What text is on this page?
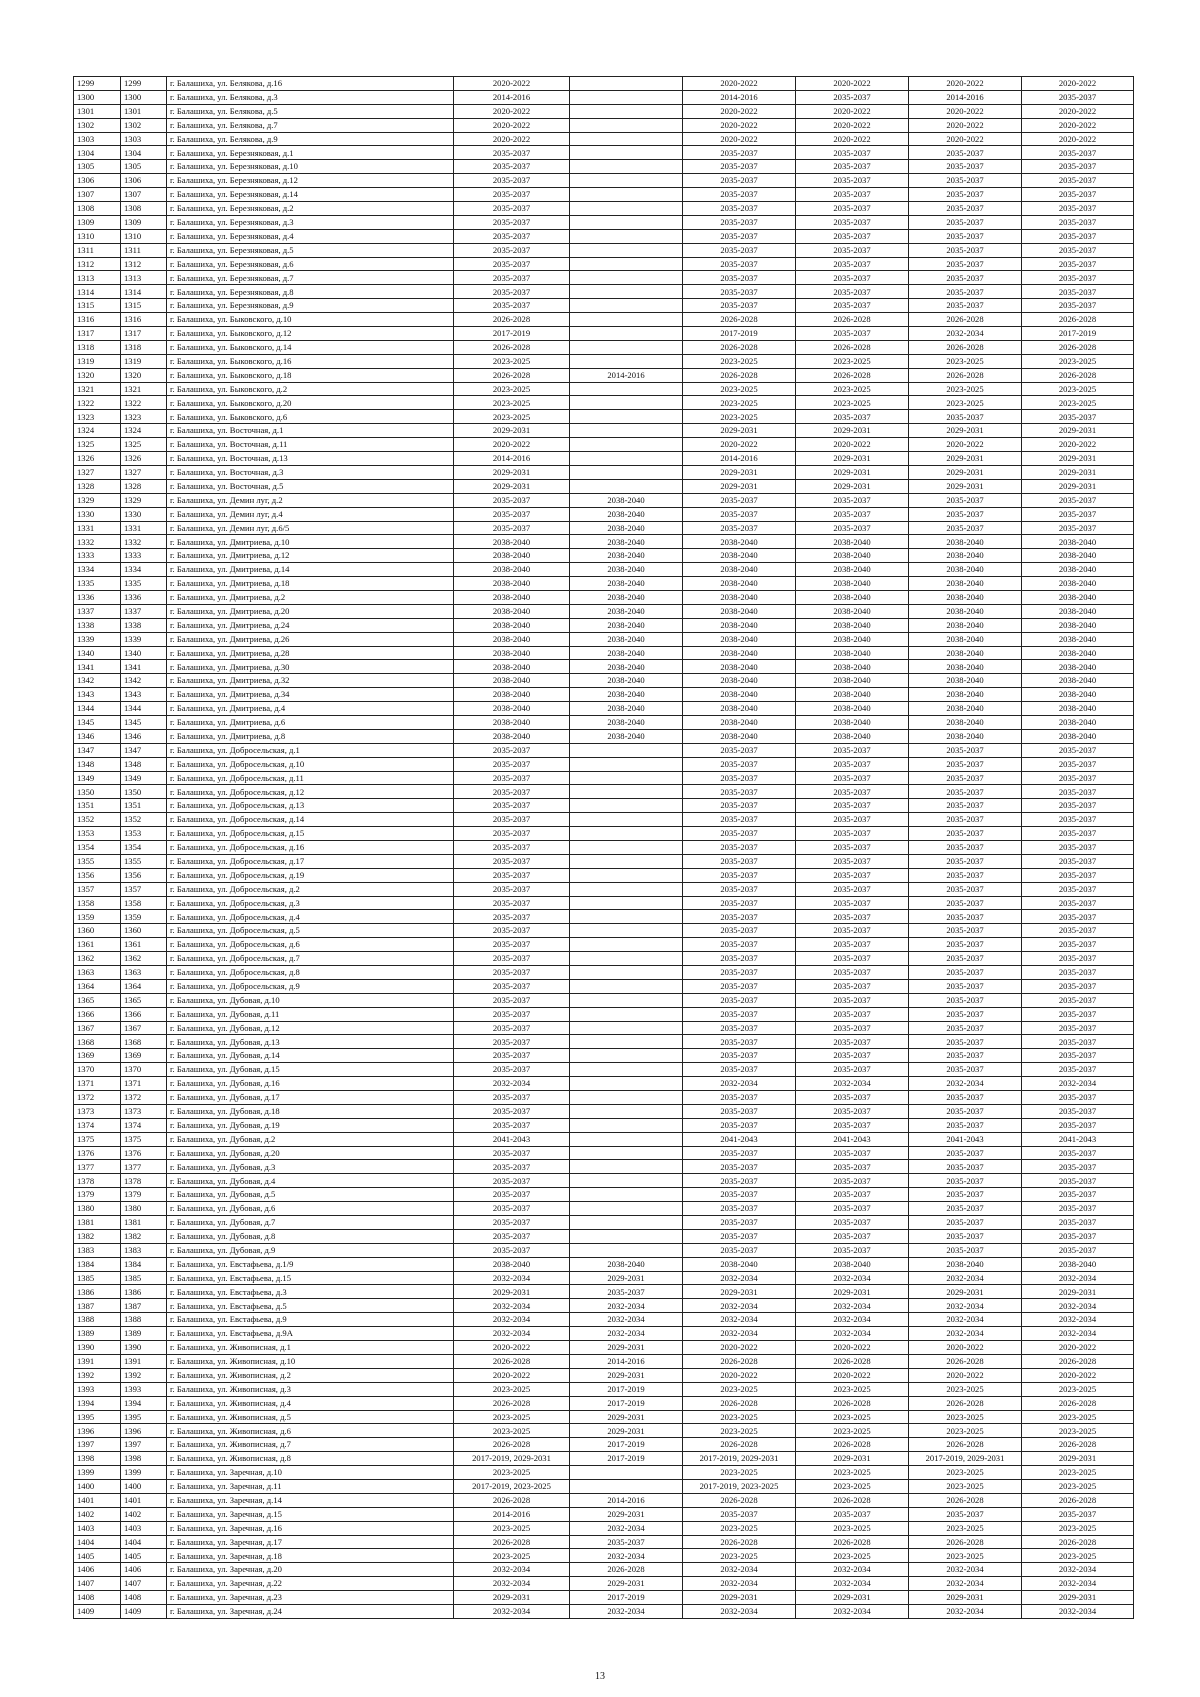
1299	1299	г. Балашиха, ул. Белякова, д.16	2020-2022		2020-2022	2020-2022	2020-2022	2020-2022
1300	1300	г. Балашиха, ул. Белякова, д.3	2014-2016		2014-2016	2035-2037	2014-2016	2035-2037
1301	1301	г. Балашиха, ул. Белякова, д.5	2020-2022		2020-2022	2020-2022	2020-2022	2020-2022
1302	1302	г. Балашиха, ул. Белякова, д.7	2020-2022		2020-2022	2020-2022	2020-2022	2020-2022
1303	1303	г. Балашиха, ул. Белякова, д.9	2020-2022		2020-2022	2020-2022	2020-2022	2020-2022
1304	1304	г. Балашиха, ул. Березняковая, д.1	2035-2037		2035-2037	2035-2037	2035-2037	2035-2037
1305	1305	г. Балашиха, ул. Березняковая, д.10	2035-2037		2035-2037	2035-2037	2035-2037	2035-2037
1306	1306	г. Балашиха, ул. Березняковая, д.12	2035-2037		2035-2037	2035-2037	2035-2037	2035-2037
1307	1307	г. Балашиха, ул. Березняковая, д.14	2035-2037		2035-2037	2035-2037	2035-2037	2035-2037
1308	1308	г. Балашиха, ул. Березняковая, д.2	2035-2037		2035-2037	2035-2037	2035-2037	2035-2037
1309	1309	г. Балашиха, ул. Березняковая, д.3	2035-2037		2035-2037	2035-2037	2035-2037	2035-2037
1310	1310	г. Балашиха, ул. Березняковая, д.4	2035-2037		2035-2037	2035-2037	2035-2037	2035-2037
1311	1311	г. Балашиха, ул. Березняковая, д.5	2035-2037		2035-2037	2035-2037	2035-2037	2035-2037
1312	1312	г. Балашиха, ул. Березняковая, д.6	2035-2037		2035-2037	2035-2037	2035-2037	2035-2037
1313	1313	г. Балашиха, ул. Березняковая, д.7	2035-2037		2035-2037	2035-2037	2035-2037	2035-2037
1314	1314	г. Балашиха, ул. Березняковая, д.8	2035-2037		2035-2037	2035-2037	2035-2037	2035-2037
1315	1315	г. Балашиха, ул. Березняковая, д.9	2035-2037		2035-2037	2035-2037	2035-2037	2035-2037
1316	1316	г. Балашиха, ул. Быковского, д.10	2026-2028		2026-2028	2026-2028	2026-2028	2026-2028
1317	1317	г. Балашиха, ул. Быковского, д.12	2017-2019		2017-2019	2035-2037	2032-2034	2017-2019
1318	1318	г. Балашиха, ул. Быковского, д.14	2026-2028		2026-2028	2026-2028	2026-2028	2026-2028
1319	1319	г. Балашиха, ул. Быковского, д.16	2023-2025		2023-2025	2023-2025	2023-2025	2023-2025
1320	1320	г. Балашиха, ул. Быковского, д.18	2026-2028	2014-2016	2026-2028	2026-2028	2026-2028	2026-2028
1321	1321	г. Балашиха, ул. Быковского, д.2	2023-2025		2023-2025	2023-2025	2023-2025	2023-2025
1322	1322	г. Балашиха, ул. Быковского, д.20	2023-2025		2023-2025	2023-2025	2023-2025	2023-2025
1323	1323	г. Балашиха, ул. Быковского, д.6	2023-2025		2023-2025	2035-2037	2035-2037	2035-2037
1324	1324	г. Балашиха, ул. Восточная, д.1	2029-2031		2029-2031	2029-2031	2029-2031	2029-2031
1325	1325	г. Балашиха, ул. Восточная, д.11	2020-2022		2020-2022	2020-2022	2020-2022	2020-2022
1326	1326	г. Балашиха, ул. Восточная, д.13	2014-2016		2014-2016	2029-2031	2029-2031	2029-2031
1327	1327	г. Балашиха, ул. Восточная, д.3	2029-2031		2029-2031	2029-2031	2029-2031	2029-2031
1328	1328	г. Балашиха, ул. Восточная, д.5	2029-2031		2029-2031	2029-2031	2029-2031	2029-2031
1329	1329	г. Балашиха, ул. Демин луг, д.2	2035-2037	2038-2040	2035-2037	2035-2037	2035-2037	2035-2037
1330	1330	г. Балашиха, ул. Демин луг, д.4	2035-2037	2038-2040	2035-2037	2035-2037	2035-2037	2035-2037
1331	1331	г. Балашиха, ул. Демин луг, д.6/5	2035-2037	2038-2040	2035-2037	2035-2037	2035-2037	2035-2037
1332	1332	г. Балашиха, ул. Дмитриева, д.10	2038-2040	2038-2040	2038-2040	2038-2040	2038-2040	2038-2040
1333	1333	г. Балашиха, ул. Дмитриева, д.12	2038-2040	2038-2040	2038-2040	2038-2040	2038-2040	2038-2040
1334	1334	г. Балашиха, ул. Дмитриева, д.14	2038-2040	2038-2040	2038-2040	2038-2040	2038-2040	2038-2040
1335	1335	г. Балашиха, ул. Дмитриева, д.18	2038-2040	2038-2040	2038-2040	2038-2040	2038-2040	2038-2040
1336	1336	г. Балашиха, ул. Дмитриева, д.2	2038-2040	2038-2040	2038-2040	2038-2040	2038-2040	2038-2040
1337	1337	г. Балашиха, ул. Дмитриева, д.20	2038-2040	2038-2040	2038-2040	2038-2040	2038-2040	2038-2040
1338	1338	г. Балашиха, ул. Дмитриева, д.24	2038-2040	2038-2040	2038-2040	2038-2040	2038-2040	2038-2040
1339	1339	г. Балашиха, ул. Дмитриева, д.26	2038-2040	2038-2040	2038-2040	2038-2040	2038-2040	2038-2040
1340	1340	г. Балашиха, ул. Дмитриева, д.28	2038-2040	2038-2040	2038-2040	2038-2040	2038-2040	2038-2040
1341	1341	г. Балашиха, ул. Дмитриева, д.30	2038-2040	2038-2040	2038-2040	2038-2040	2038-2040	2038-2040
1342	1342	г. Балашиха, ул. Дмитриева, д.32	2038-2040	2038-2040	2038-2040	2038-2040	2038-2040	2038-2040
1343	1343	г. Балашиха, ул. Дмитриева, д.34	2038-2040	2038-2040	2038-2040	2038-2040	2038-2040	2038-2040
1344	1344	г. Балашиха, ул. Дмитриева, д.4	2038-2040	2038-2040	2038-2040	2038-2040	2038-2040	2038-2040
1345	1345	г. Балашиха, ул. Дмитриева, д.6	2038-2040	2038-2040	2038-2040	2038-2040	2038-2040	2038-2040
1346	1346	г. Балашиха, ул. Дмитриева, д.8	2038-2040	2038-2040	2038-2040	2038-2040	2038-2040	2038-2040
1347	1347	г. Балашиха, ул. Добросельская, д.1	2035-2037		2035-2037	2035-2037	2035-2037	2035-2037
1348	1348	г. Балашиха, ул. Добросельская, д.10	2035-2037		2035-2037	2035-2037	2035-2037	2035-2037
1349	1349	г. Балашиха, ул. Добросельская, д.11	2035-2037		2035-2037	2035-2037	2035-2037	2035-2037
1350	1350	г. Балашиха, ул. Добросельская, д.12	2035-2037		2035-2037	2035-2037	2035-2037	2035-2037
1351	1351	г. Балашиха, ул. Добросельская, д.13	2035-2037		2035-2037	2035-2037	2035-2037	2035-2037
1352	1352	г. Балашиха, ул. Добросельская, д.14	2035-2037		2035-2037	2035-2037	2035-2037	2035-2037
1353	1353	г. Балашиха, ул. Добросельская, д.15	2035-2037		2035-2037	2035-2037	2035-2037	2035-2037
1354	1354	г. Балашиха, ул. Добросельская, д.16	2035-2037		2035-2037	2035-2037	2035-2037	2035-2037
1355	1355	г. Балашиха, ул. Добросельская, д.17	2035-2037		2035-2037	2035-2037	2035-2037	2035-2037
1356	1356	г. Балашиха, ул. Добросельская, д.19	2035-2037		2035-2037	2035-2037	2035-2037	2035-2037
1357	1357	г. Балашиха, ул. Добросельская, д.2	2035-2037		2035-2037	2035-2037	2035-2037	2035-2037
1358	1358	г. Балашиха, ул. Добросельская, д.3	2035-2037		2035-2037	2035-2037	2035-2037	2035-2037
1359	1359	г. Балашиха, ул. Добросельская, д.4	2035-2037		2035-2037	2035-2037	2035-2037	2035-2037
1360	1360	г. Балашиха, ул. Добросельская, д.5	2035-2037		2035-2037	2035-2037	2035-2037	2035-2037
1361	1361	г. Балашиха, ул. Добросельская, д.6	2035-2037		2035-2037	2035-2037	2035-2037	2035-2037
1362	1362	г. Балашиха, ул. Добросельская, д.7	2035-2037		2035-2037	2035-2037	2035-2037	2035-2037
1363	1363	г. Балашиха, ул. Добросельская, д.8	2035-2037		2035-2037	2035-2037	2035-2037	2035-2037
1364	1364	г. Балашиха, ул. Добросельская, д.9	2035-2037		2035-2037	2035-2037	2035-2037	2035-2037
1365	1365	г. Балашиха, ул. Дубовая, д.10	2035-2037		2035-2037	2035-2037	2035-2037	2035-2037
1366	1366	г. Балашиха, ул. Дубовая, д.11	2035-2037		2035-2037	2035-2037	2035-2037	2035-2037
1367	1367	г. Балашиха, ул. Дубовая, д.12	2035-2037		2035-2037	2035-2037	2035-2037	2035-2037
1368	1368	г. Балашиха, ул. Дубовая, д.13	2035-2037		2035-2037	2035-2037	2035-2037	2035-2037
1369	1369	г. Балашиха, ул. Дубовая, д.14	2035-2037		2035-2037	2035-2037	2035-2037	2035-2037
1370	1370	г. Балашиха, ул. Дубовая, д.15	2035-2037		2035-2037	2035-2037	2035-2037	2035-2037
1371	1371	г. Балашиха, ул. Дубовая, д.16	2032-2034		2032-2034	2032-2034	2032-2034	2032-2034
1372	1372	г. Балашиха, ул. Дубовая, д.17	2035-2037		2035-2037	2035-2037	2035-2037	2035-2037
1373	1373	г. Балашиха, ул. Дубовая, д.18	2035-2037		2035-2037	2035-2037	2035-2037	2035-2037
1374	1374	г. Балашиха, ул. Дубовая, д.19	2035-2037		2035-2037	2035-2037	2035-2037	2035-2037
1375	1375	г. Балашиха, ул. Дубовая, д.2	2041-2043		2041-2043	2041-2043	2041-2043	2041-2043
1376	1376	г. Балашиха, ул. Дубовая, д.20	2035-2037		2035-2037	2035-2037	2035-2037	2035-2037
1377	1377	г. Балашиха, ул. Дубовая, д.3	2035-2037		2035-2037	2035-2037	2035-2037	2035-2037
1378	1378	г. Балашиха, ул. Дубовая, д.4	2035-2037		2035-2037	2035-2037	2035-2037	2035-2037
1379	1379	г. Балашиха, ул. Дубовая, д.5	2035-2037		2035-2037	2035-2037	2035-2037	2035-2037
1380	1380	г. Балашиха, ул. Дубовая, д.6	2035-2037		2035-2037	2035-2037	2035-2037	2035-2037
1381	1381	г. Балашиха, ул. Дубовая, д.7	2035-2037		2035-2037	2035-2037	2035-2037	2035-2037
1382	1382	г. Балашиха, ул. Дубовая, д.8	2035-2037		2035-2037	2035-2037	2035-2037	2035-2037
1383	1383	г. Балашиха, ул. Дубовая, д.9	2035-2037		2035-2037	2035-2037	2035-2037	2035-2037
1384	1384	г. Балашиха, ул. Евстафьева, д.1/9	2038-2040	2038-2040	2038-2040	2038-2040	2038-2040	2038-2040
1385	1385	г. Балашиха, ул. Евстафьева, д.15	2032-2034	2029-2031	2032-2034	2032-2034	2032-2034	2032-2034
1386	1386	г. Балашиха, ул. Евстафьева, д.3	2029-2031	2035-2037	2029-2031	2029-2031	2029-2031	2029-2031
1387	1387	г. Балашиха, ул. Евстафьева, д.5	2032-2034	2032-2034	2032-2034	2032-2034	2032-2034	2032-2034
1388	1388	г. Балашиха, ул. Евстафьева, д.9	2032-2034	2032-2034	2032-2034	2032-2034	2032-2034	2032-2034
1389	1389	г. Балашиха, ул. Евстафьева, д.9А	2032-2034	2032-2034	2032-2034	2032-2034	2032-2034	2032-2034
1390	1390	г. Балашиха, ул. Живописная, д.1	2020-2022	2029-2031	2020-2022	2020-2022	2020-2022	2020-2022
1391	1391	г. Балашиха, ул. Живописная, д.10	2026-2028	2014-2016	2026-2028	2026-2028	2026-2028	2026-2028
1392	1392	г. Балашиха, ул. Живописная, д.2	2020-2022	2029-2031	2020-2022	2020-2022	2020-2022	2020-2022
1393	1393	г. Балашиха, ул. Живописная, д.3	2023-2025	2017-2019	2023-2025	2023-2025	2023-2025	2023-2025
1394	1394	г. Балашиха, ул. Живописная, д.4	2026-2028	2017-2019	2026-2028	2026-2028	2026-2028	2026-2028
1395	1395	г. Балашиха, ул. Живописная, д.5	2023-2025	2029-2031	2023-2025	2023-2025	2023-2025	2023-2025
1396	1396	г. Балашиха, ул. Живописная, д.6	2023-2025	2029-2031	2023-2025	2023-2025	2023-2025	2023-2025
1397	1397	г. Балашиха, ул. Живописная, д.7	2026-2028	2017-2019	2026-2028	2026-2028	2026-2028	2026-2028
1398	1398	г. Балашиха, ул. Живописная, д.8	2017-2019, 2029-2031	2017-2019	2017-2019, 2029-2031	2029-2031	2017-2019, 2029-2031	2029-2031
1399	1399	г. Балашиха, ул. Заречная, д.10	2023-2025		2023-2025	2023-2025	2023-2025	2023-2025
1400	1400	г. Балашиха, ул. Заречная, д.11	2017-2019, 2023-2025		2017-2019, 2023-2025	2023-2025	2023-2025	2023-2025
1401	1401	г. Балашиха, ул. Заречная, д.14	2026-2028	2014-2016	2026-2028	2026-2028	2026-2028	2026-2028
1402	1402	г. Балашиха, ул. Заречная, д.15	2014-2016	2029-2031	2035-2037	2035-2037	2035-2037	2035-2037
1403	1403	г. Балашиха, ул. Заречная, д.16	2023-2025	2032-2034	2023-2025	2023-2025	2023-2025	2023-2025
1404	1404	г. Балашиха, ул. Заречная, д.17	2026-2028	2035-2037	2026-2028	2026-2028	2026-2028	2026-2028
1405	1405	г. Балашиха, ул. Заречная, д.18	2023-2025	2032-2034	2023-2025	2023-2025	2023-2025	2023-2025
1406	1406	г. Балашиха, ул. Заречная, д.20	2032-2034	2026-2028	2032-2034	2032-2034	2032-2034	2032-2034
1407	1407	г. Балашиха, ул. Заречная, д.22	2032-2034	2029-2031	2032-2034	2032-2034	2032-2034	2032-2034
1408	1408	г. Балашиха, ул. Заречная, д.23	2029-2031	2017-2019	2029-2031	2029-2031	2029-2031	2029-2031
1409	1409	г. Балашиха, ул. Заречная, д.24	2032-2034	2032-2034	2032-2034	2032-2034	2032-2034	2032-2034
13
